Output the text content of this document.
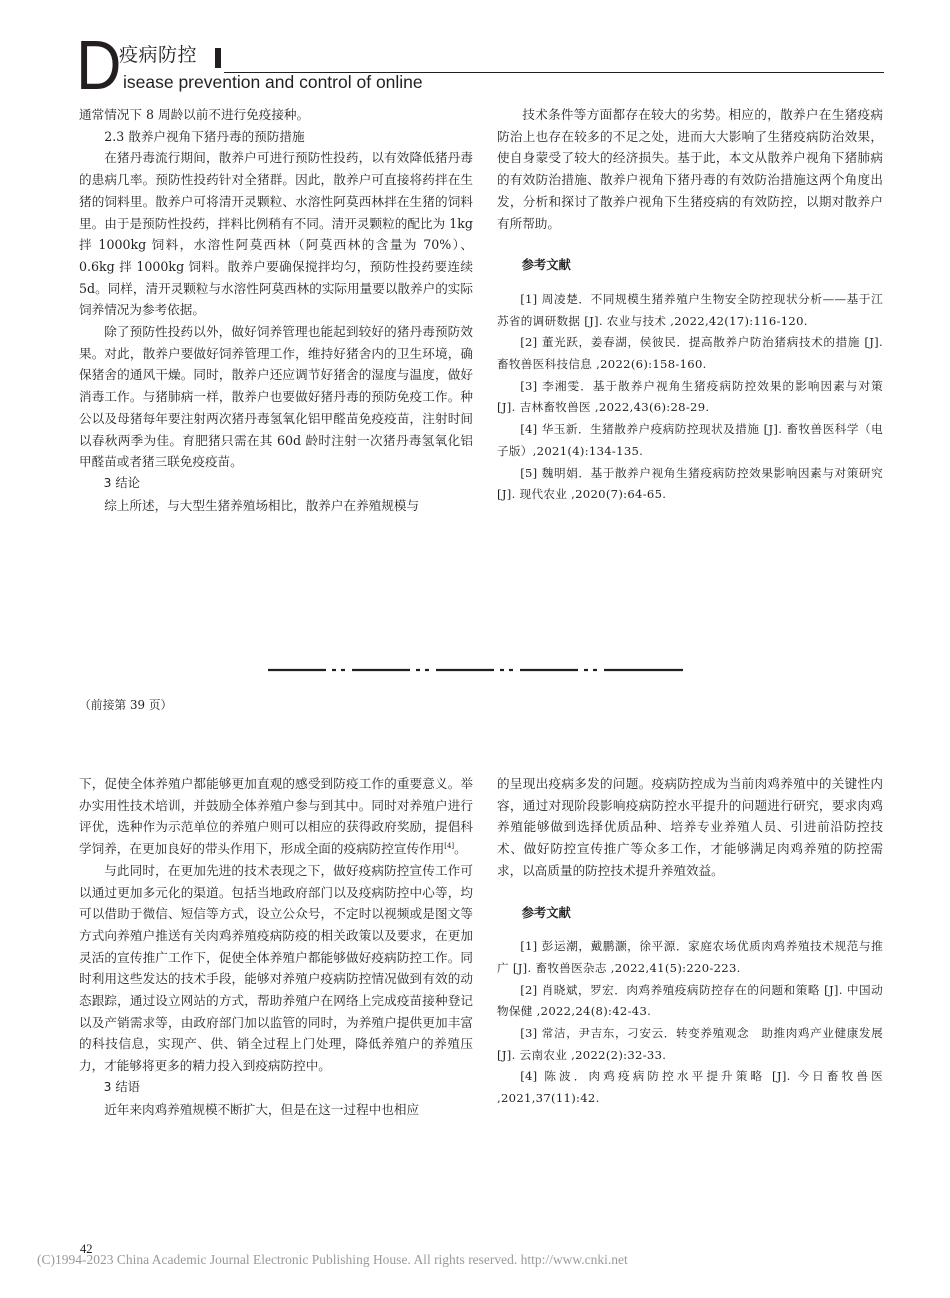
D
疫病防控
isease prevention and control of online

通常情况下 8 周龄以前不进行免疫接种。

2.3 散养户视角下猪丹毒的预防措施

在猪丹毒流行期间，散养户可进行预防性投药，以有效降低猪丹毒的患病几率。预防性投药针对全猪群。因此，散养户可直接将药拌在生猪的饲料里。散养户可将清开灵颗粒、水溶性阿莫西林拌在生猪的饲料里。由于是预防性投药，拌料比例稍有不同。清开灵颗粒的配比为 1kg 拌 1000kg 饲料，水溶性阿莫西林（阿莫西林的含量为 70%）、0.6kg 拌 1000kg 饲料。散养户要确保搅拌均匀，预防性投药要连续 5d。同样，清开灵颗粒与水溶性阿莫西林的实际用量要以散养户的实际饲养情况为参考依据。

除了预防性投药以外，做好饲养管理也能起到较好的猪丹毒预防效果。对此，散养户要做好饲养管理工作，维持好猪舍内的卫生环境，确保猪舍的通风干燥。同时，散养户还应调节好猪舍的湿度与温度，做好消毒工作。与猪肺病一样，散养户也要做好猪丹毒的预防免疫工作。种公以及母猪每年要注射两次猪丹毒氢氧化铝甲醛苗免疫疫苗，注射时间以春秋两季为佳。育肥猪只需在其 60d 龄时注射一次猪丹毒氢氧化铝甲醛苗或者猪三联免疫疫苗。

3 结论

综上所述，与大型生猪养殖场相比，散养户在养殖规模与

技术条件等方面都存在较大的劣势。相应的，散养户在生猪疫病防治上也存在较多的不足之处，进而大大影响了生猪疫病防治效果，使自身蒙受了较大的经济损失。基于此，本文从散养户视角下猪肺病的有效防治措施、散养户视角下猪丹毒的有效防治措施这两个角度出发，分析和探讨了散养户视角下生猪疫病的有效防控，以期对散养户有所帮助。

参考文献

[1] 周凌楚．不同规模生猪养殖户生物安全防控现状分析——基于江苏省的调研数据 [J]. 农业与技术 ,2022,42(17):116-120.

[2] 董光跃，姜春湖，侯彼民．提高散养户防治猪病技术的措施 [J]. 畜牧兽医科技信息 ,2022(6):158-160.

[3] 李湘雯．基于散养户视角生猪疫病防控效果的影响因素与对策 [J]. 吉林畜牧兽医 ,2022,43(6):28-29.

[4] 华玉新．生猪散养户疫病防控现状及措施 [J]. 畜牧兽医科学（电子版）,2021(4):134-135.

[5] 魏明娟．基于散养户视角生猪疫病防控效果影响因素与对策研究 [J]. 现代农业 ,2020(7):64-65.

（前接第 39 页）

下，促使全体养殖户都能够更加直观的感受到防疫工作的重要意义。举办实用性技术培训，并鼓励全体养殖户参与到其中。同时对养殖户进行评优，选种作为示范单位的养殖户则可以相应的获得政府奖励，提倡科学饲养，在更加良好的带头作用下，形成全面的疫病防控宣传作用[4]。

与此同时，在更加先进的技术表现之下，做好疫病防控宣传工作可以通过更加多元化的渠道。包括当地政府部门以及疫病防控中心等，均可以借助于微信、短信等方式，设立公众号，不定时以视频或是图文等方式向养殖户推送有关肉鸡养殖疫病防疫的相关政策以及要求，在更加灵活的宣传推广工作下，促使全体养殖户都能够做好疫病防控工作。同时利用这些发达的技术手段，能够对养殖户疫病防控情况做到有效的动态跟踪，通过设立网站的方式，帮助养殖户在网络上完成疫苗接种登记以及产销需求等，由政府部门加以监管的同时，为养殖户提供更加丰富的科技信息，实现产、供、销全过程上门处理，降低养殖户的养殖压力，才能够将更多的精力投入到疫病防控中。

3 结语

近年来肉鸡养殖规模不断扩大，但是在这一过程中也相应

的呈现出疫病多发的问题。疫病防控成为当前肉鸡养殖中的关键性内容，通过对现阶段影响疫病防控水平提升的问题进行研究，要求肉鸡养殖能够做到选择优质品种、培养专业养殖人员、引进前沿防控技术、做好防控宣传推广等众多工作，才能够满足肉鸡养殖的防控需求，以高质量的防控技术提升养殖效益。

参考文献

[1] 彭运潮，戴鹏灏，徐平源．家庭农场优质肉鸡养殖技术规范与推广 [J]. 畜牧兽医杂志 ,2022,41(5):220-223.

[2] 肖晓斌，罗宏．肉鸡养殖疫病防控存在的问题和策略 [J]. 中国动物保健 ,2022,24(8):42-43.

[3] 常洁，尹吉东，刁安云．转变养殖观念　助推肉鸡产业健康发展 [J]. 云南农业 ,2022(2):32-33.

[4] 陈波．肉鸡疫病防控水平提升策略 [J]. 今日畜牧兽医 ,2021,37(11):42.

42
(C)1994-2023 China Academic Journal Electronic Publishing House. All rights reserved. http://www.cnki.net
